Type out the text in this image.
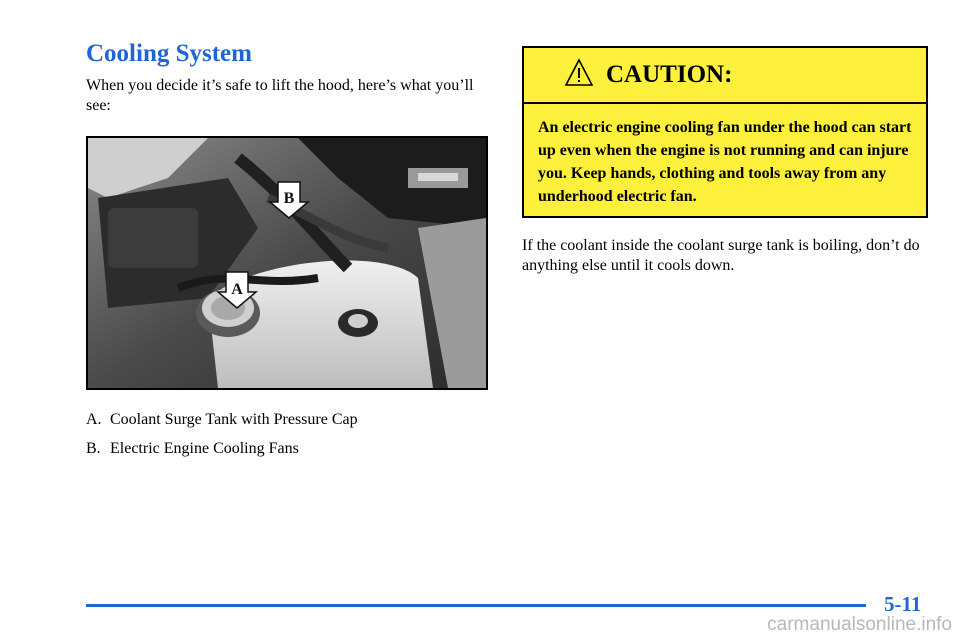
Cooling System
When you decide it’s safe to lift the hood, here’s what you’ll see:
B
A
A. Coolant Surge Tank with Pressure Cap
B. Electric Engine Cooling Fans
CAUTION:
An electric engine cooling fan under the hood can start up even when the engine is not running and can injure you. Keep hands, clothing and tools away from any underhood electric fan.
If the coolant inside the coolant surge tank is boiling, don’t do anything else until it cools down.
5-11
carmanualsonline.info
